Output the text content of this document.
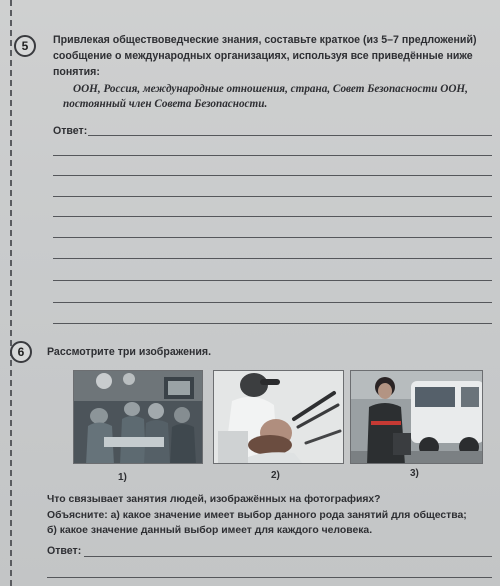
5	Привлекая обществоведческие знания, составьте краткое (из 5–7 предложений) сообщение о международных организациях, используя все приведённые ниже понятия:
ООН, Россия, международные отношения, страна, Совет Безопасности ООН, постоянный член Совета Безопасности.
Ответ:
6	Рассмотрите три изображения.
1)	2)	3)
Что связывает занятия людей, изображённых на фотографиях?
Объясните: а) какое значение имеет выбор данного рода занятий для общества;
б) какое значение данный выбор имеет для каждого человека.
Ответ:
